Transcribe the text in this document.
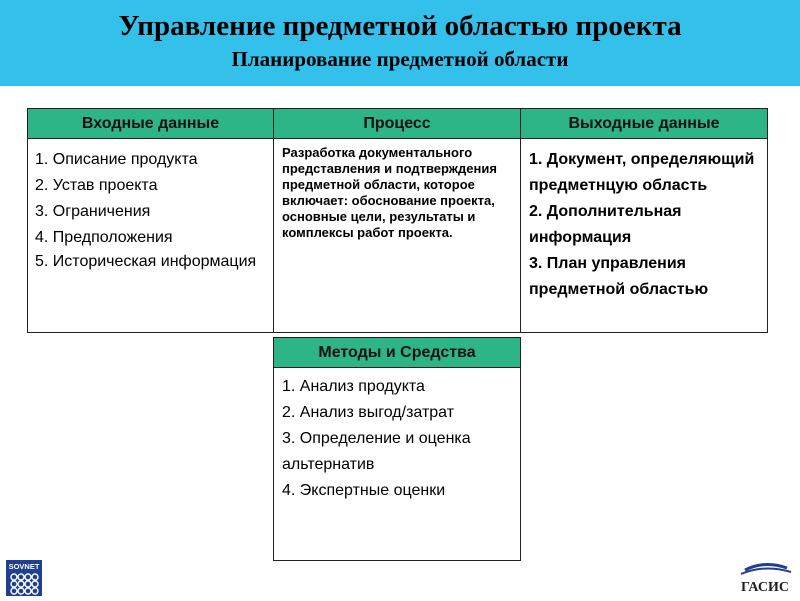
Управление предметной областью проекта
Планирование предметной области
Входные данные	Процесс	Выходные данные
1. Описание продукта
2. Устав проекта
3. Ограничения
4. Предположения
5. Историческая информация
Разработка документального представления и подтверждения предметной области, которое включает: обоснование проекта, основные цели, результаты и комплексы работ проекта.
1. Документ, определяющий предметнцую область
2. Дополнительная информация
3. План управления предметной областью
Методы и Средства
1. Анализ продукта
2. Анализ выгод/затрат
3. Определение и оценка альтернатив
4. Экспертные оценки
SOVNET
ГАСИС
